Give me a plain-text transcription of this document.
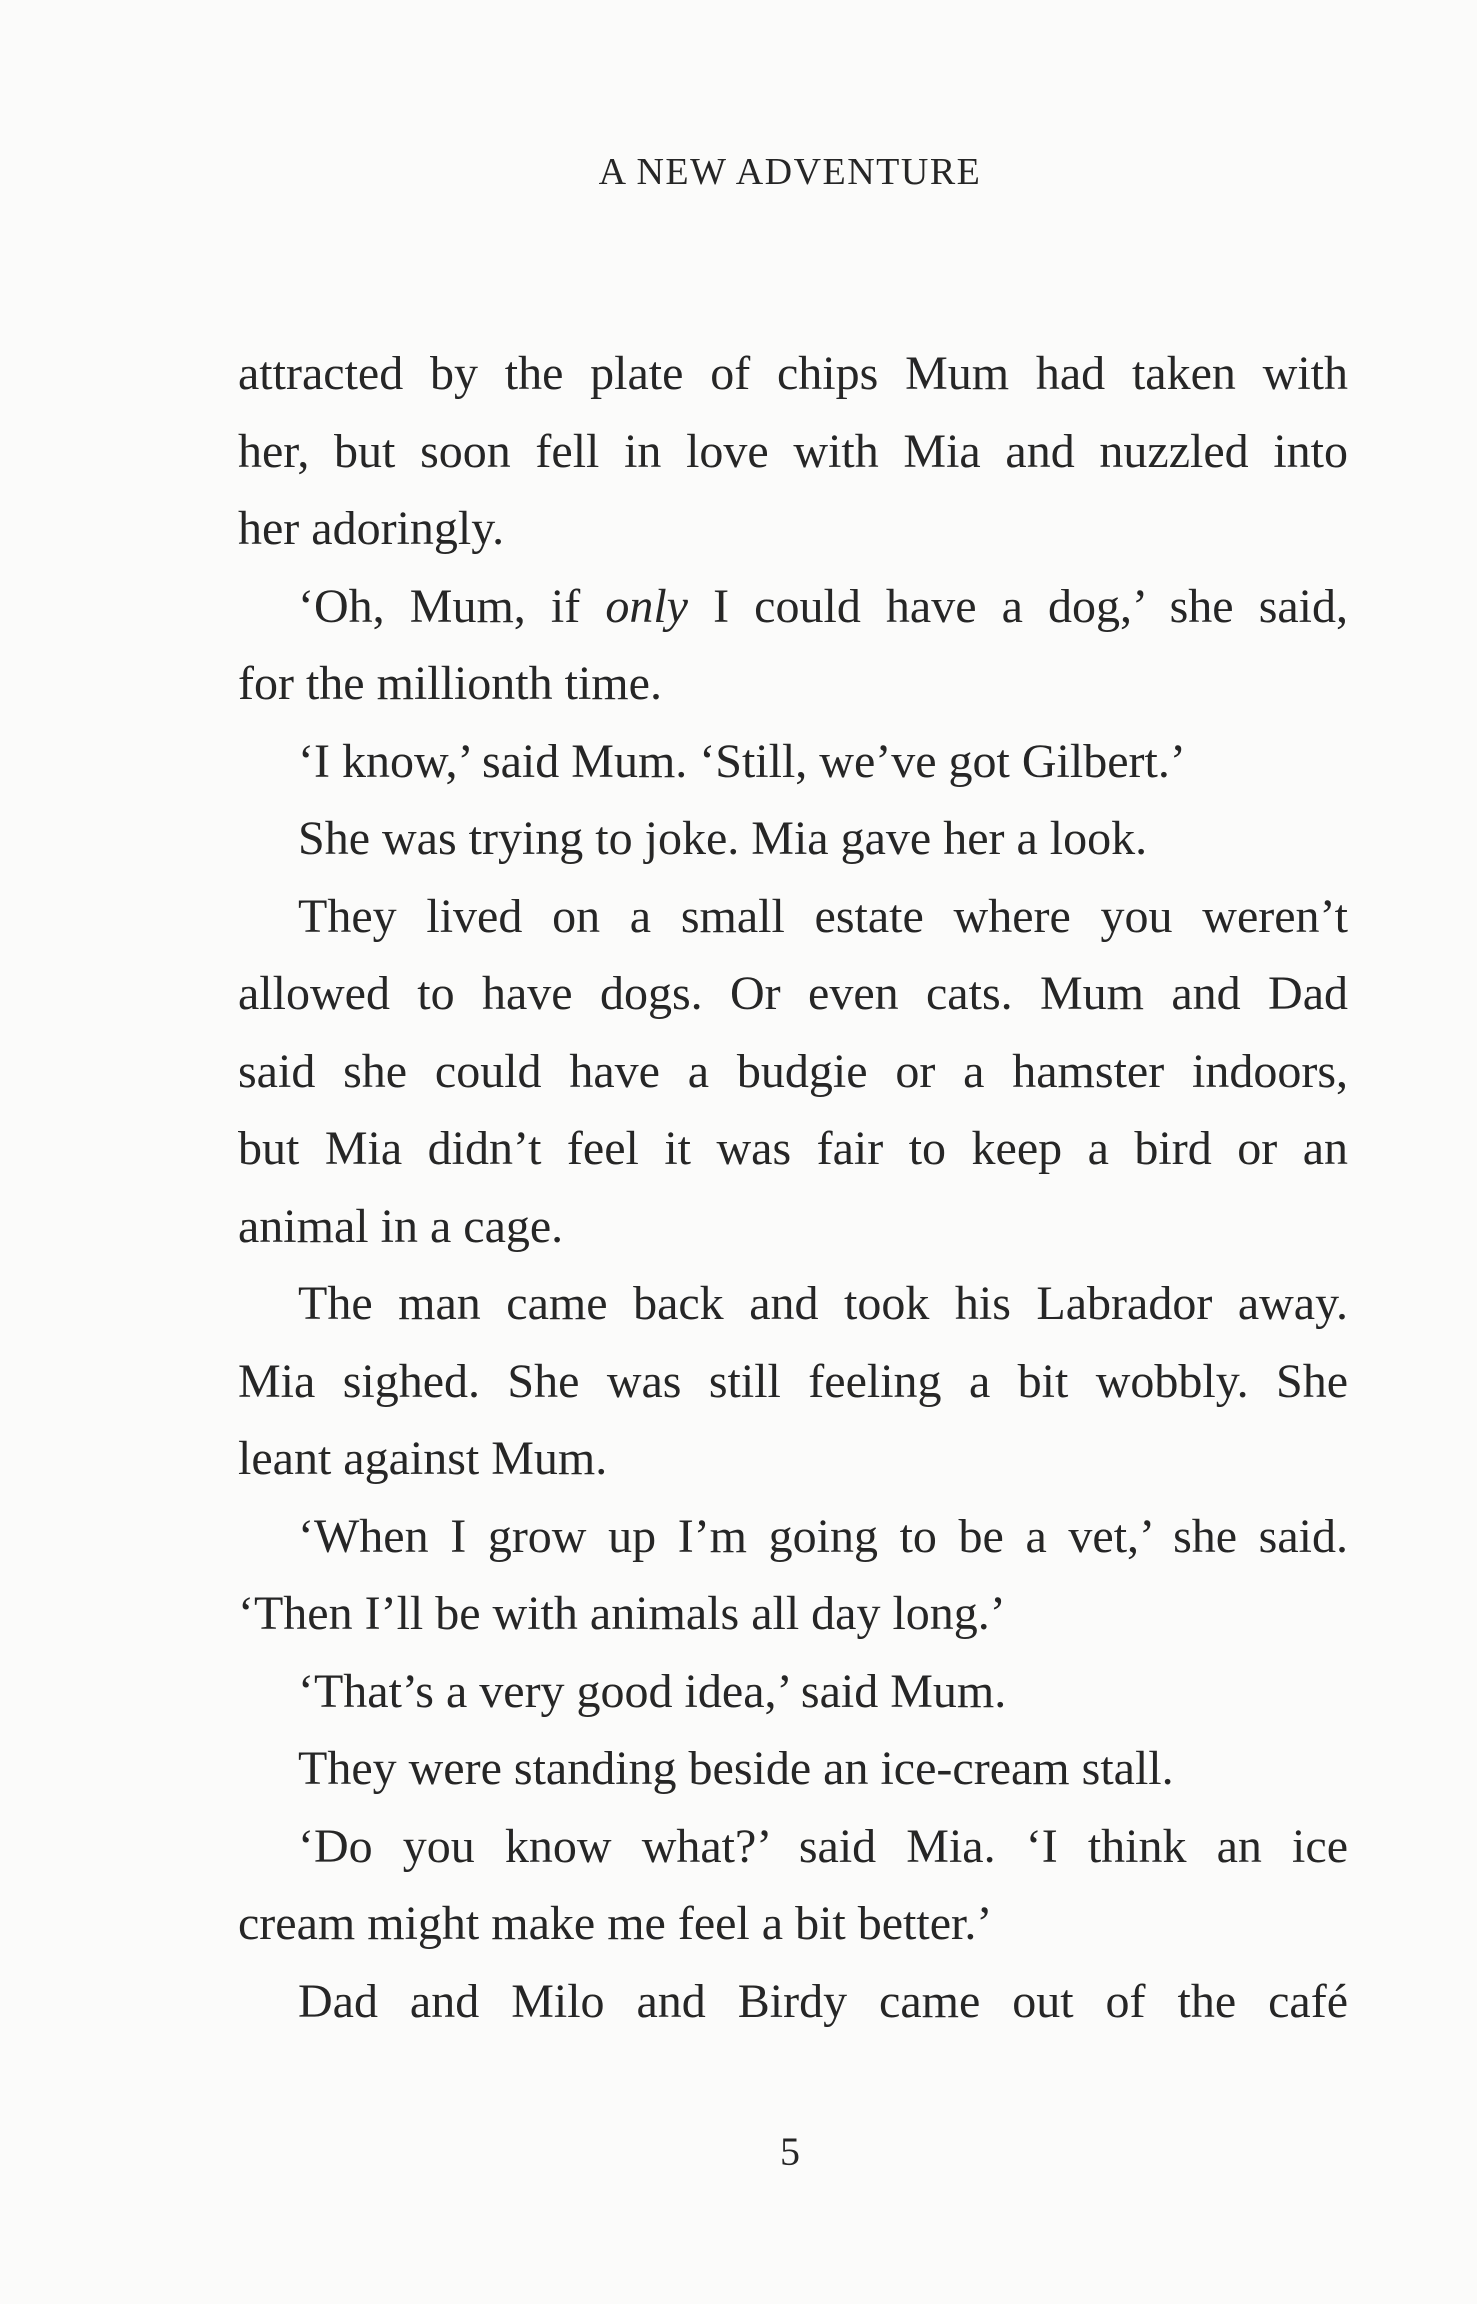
A NEW ADVENTURE
attracted by the plate of chips Mum had taken with
her, but soon fell in love with Mia and nuzzled into
her adoringly.
‘Oh, Mum, if only I could have a dog,’ she said,
for the millionth time.
‘I know,’ said Mum. ‘Still, we’ve got Gilbert.’
She was trying to joke. Mia gave her a look.
They lived on a small estate where you weren’t
allowed to have dogs. Or even cats. Mum and Dad
said she could have a budgie or a hamster indoors,
but Mia didn’t feel it was fair to keep a bird or an
animal in a cage.
The man came back and took his Labrador away.
Mia sighed. She was still feeling a bit wobbly. She
leant against Mum.
‘When I grow up I’m going to be a vet,’ she said.
‘Then I’ll be with animals all day long.’
‘That’s a very good idea,’ said Mum.
They were standing beside an ice-cream stall.
‘Do you know what?’ said Mia. ‘I think an ice
cream might make me feel a bit better.’
Dad and Milo and Birdy came out of the café
5
